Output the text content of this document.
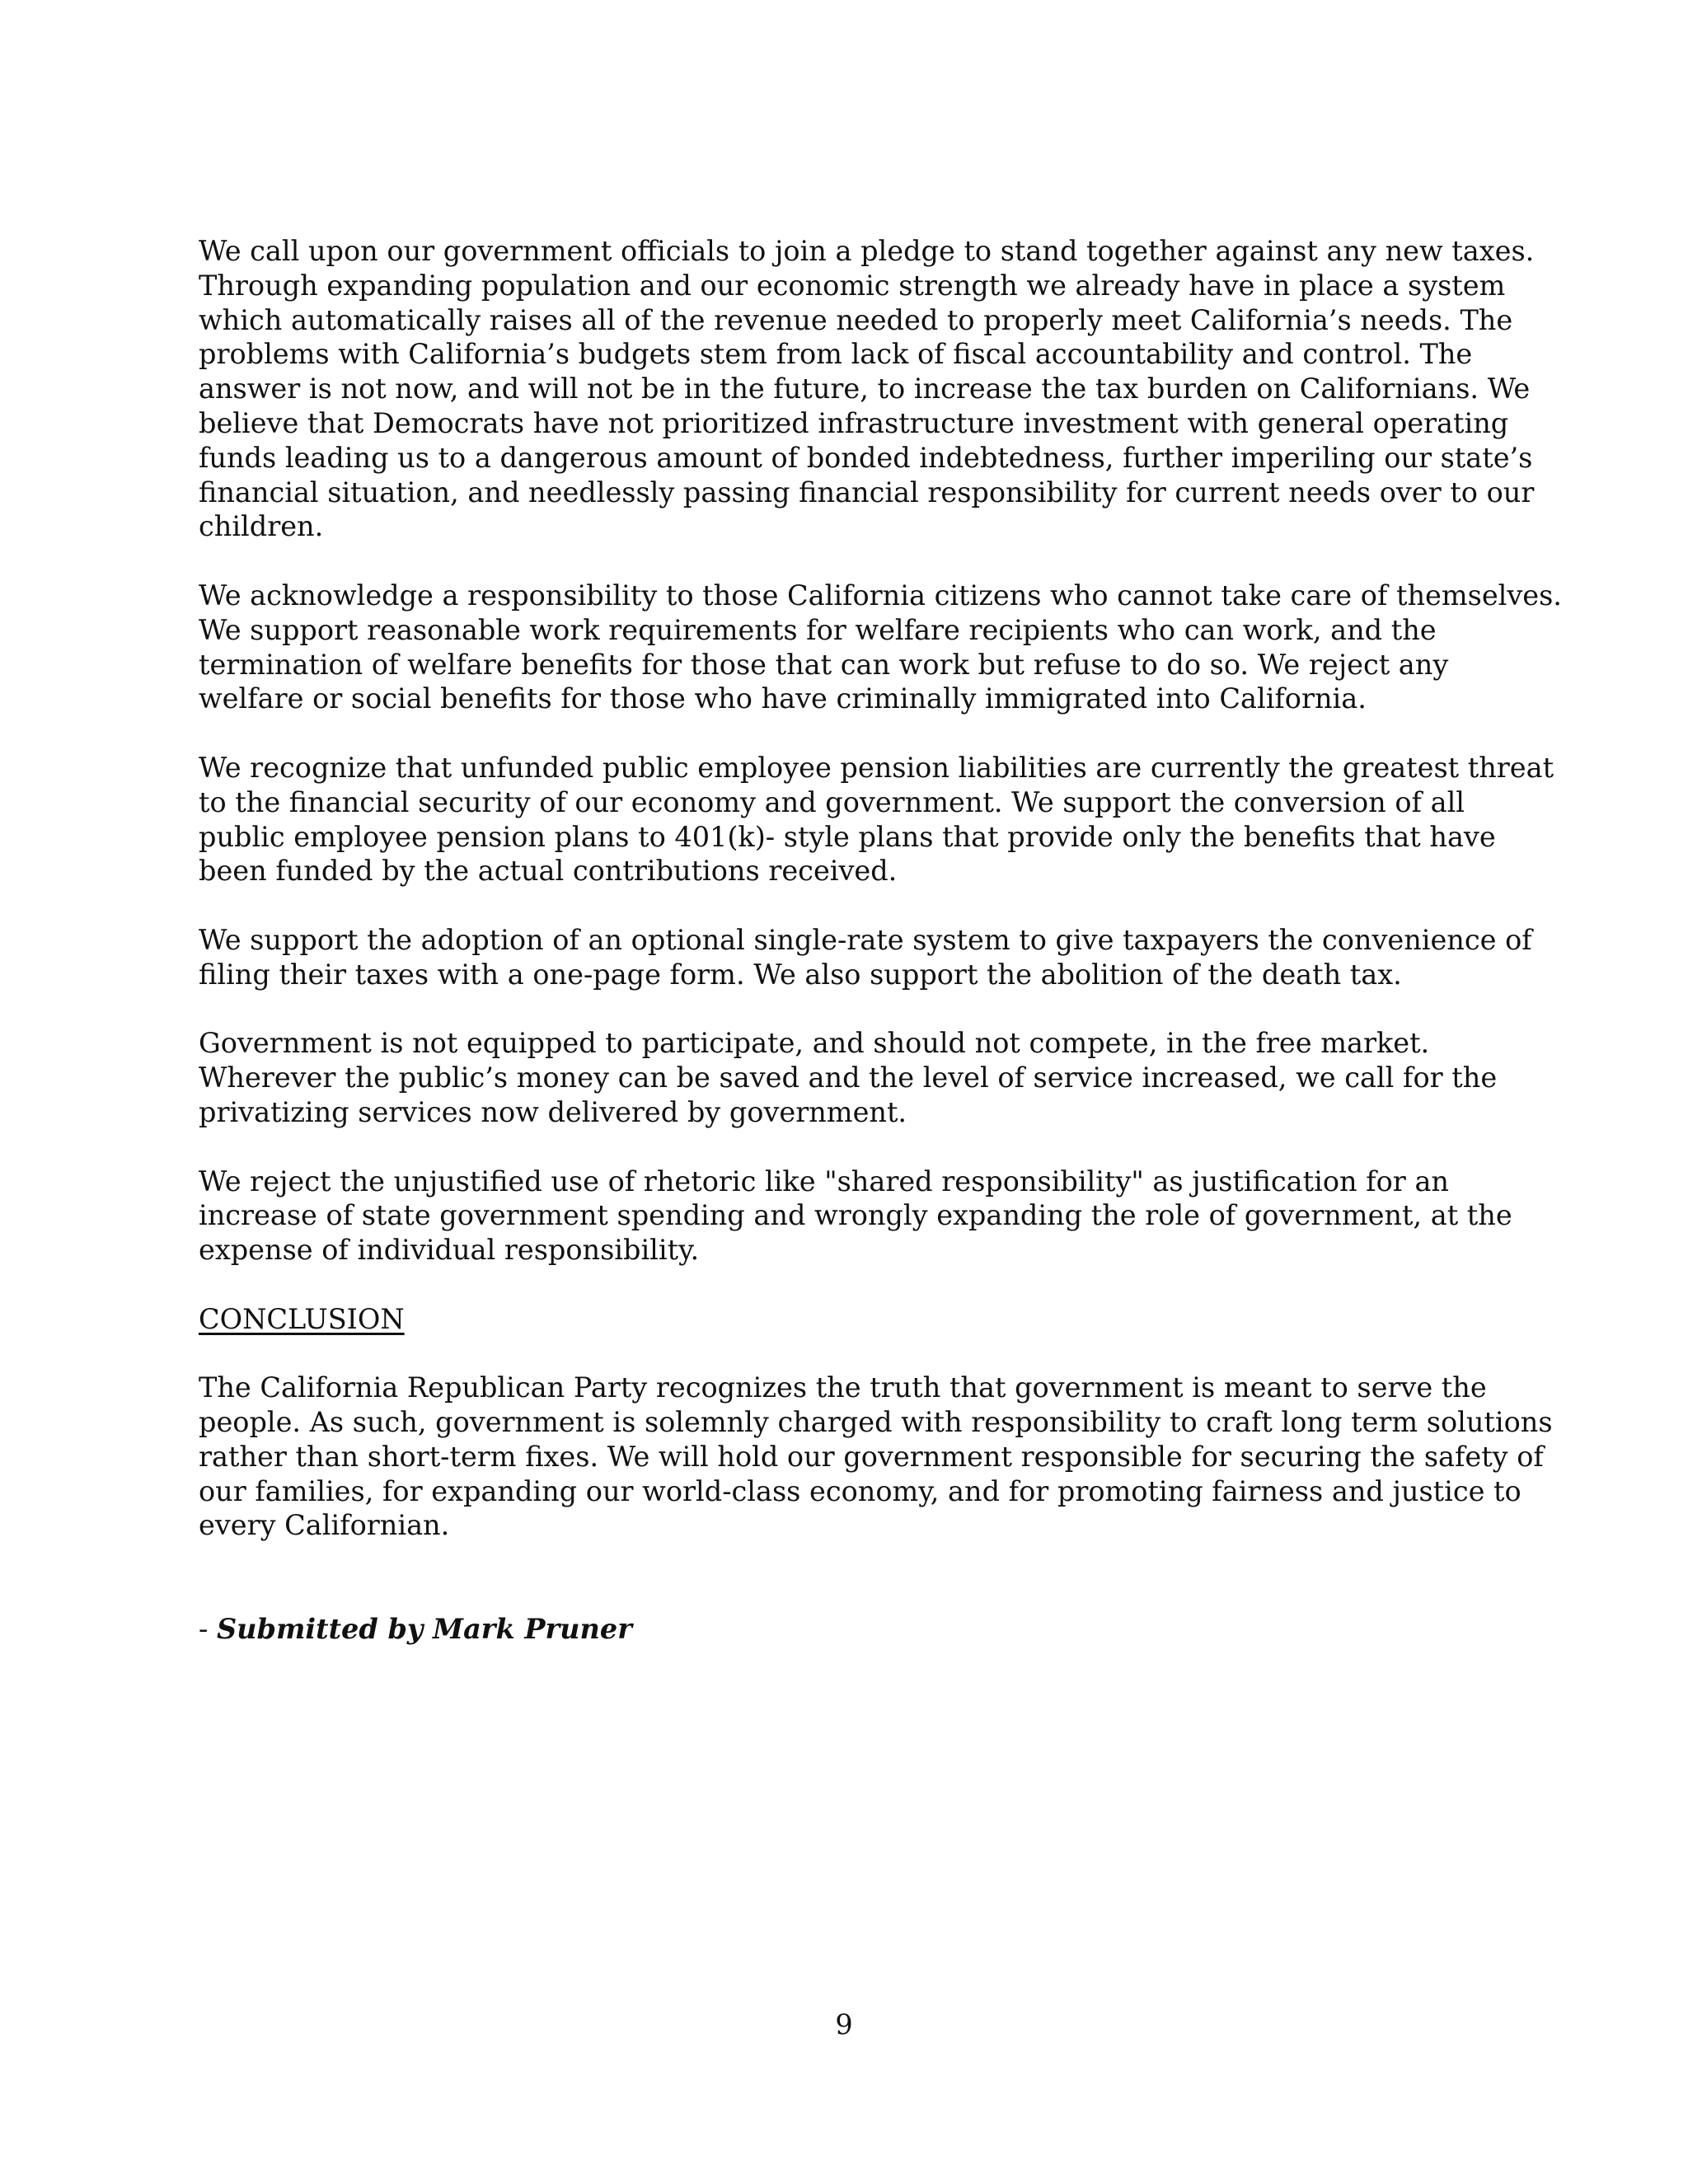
We call upon our government officials to join a pledge to stand together against any new taxes.
Through expanding population and our economic strength we already have in place a system
which automatically raises all of the revenue needed to properly meet California’s needs. The
problems with California’s budgets stem from lack of fiscal accountability and control. The
answer is not now, and will not be in the future, to increase the tax burden on Californians. We
believe that Democrats have not prioritized infrastructure investment with general operating
funds leading us to a dangerous amount of bonded indebtedness, further imperiling our state’s
financial situation, and needlessly passing financial responsibility for current needs over to our
children.

We acknowledge a responsibility to those California citizens who cannot take care of themselves.
We support reasonable work requirements for welfare recipients who can work, and the
termination of welfare benefits for those that can work but refuse to do so. We reject any
welfare or social benefits for those who have criminally immigrated into California.

We recognize that unfunded public employee pension liabilities are currently the greatest threat
to the financial security of our economy and government. We support the conversion of all
public employee pension plans to 401(k)- style plans that provide only the benefits that have
been funded by the actual contributions received.

We support the adoption of an optional single-rate system to give taxpayers the convenience of
filing their taxes with a one-page form. We also support the abolition of the death tax.

Government is not equipped to participate, and should not compete, in the free market.
Wherever the public’s money can be saved and the level of service increased, we call for the
privatizing services now delivered by government.

We reject the unjustified use of rhetoric like "shared responsibility" as justification for an
increase of state government spending and wrongly expanding the role of government, at the
expense of individual responsibility.

CONCLUSION

The California Republican Party recognizes the truth that government is meant to serve the
people. As such, government is solemnly charged with responsibility to craft long term solutions
rather than short-term fixes. We will hold our government responsible for securing the safety of
our families, for expanding our world-class economy, and for promoting fairness and justice to
every Californian.

- Submitted by Mark Pruner

9
